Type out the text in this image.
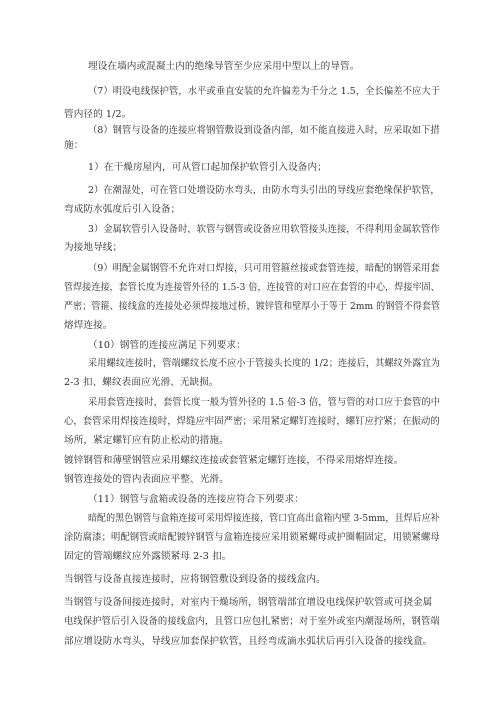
埋设在墙内或混凝土内的绝缘导管至少应采用中型以上的导管。
（7）明设电线保护管，水平或垂直安装的允许偏差为千分之 1.5，全长偏差不应大于
管内径的 1/2。
（8）钢管与设备的连接应将钢管敷设到设备内部，如不能直接进入时，应采取如下措
施：
1）在干燥房屋内，可从管口起加保护软管引入设备内；
2）在潮湿处，可在管口处增设防水弯头，由防水弯头引出的导线应套绝缘保护软管，
弯成防水弧度后引入设备；
3）金属软管引入设备时，软管与钢管或设备应用软管接头连接，不得利用金属软管作
为接地导线；
（9）明配金属钢管不允许对口焊接，只可用管箍丝接或套管连接，暗配的钢管采用套
管焊接连接，套管长度为连接管外径的 1.5-3 倍，连接管的对口应在套管的中心，焊接牢固、
严密；管箍、接线盒的连接处必须焊接地过桥，镀锌管和壁厚小于等于 2mm 的钢管不得套管
熔焊连接。
（10）钢管的连接应满足下列要求：
采用螺纹连接时，管端螺纹长度不应小于管接头长度的 1/2；连接后，其螺纹外露宜为
2-3 扣、螺纹表面应光滑、无缺损。
采用套管连接时，套管长度一般为管外径的 1.5 倍-3 倍，管与管的对口应于套管的中
心，套管采用焊接连接时，焊缝应牢固严密；采用紧定螺钉连接时，螺钉应拧紧；在振动的
场所，紧定螺钉应有防止松动的措施。
镀锌钢管和薄壁钢管应采用螺纹连接或套管紧定螺钉连接，不得采用熔焊连接。
钢管连接处的管内表面应平整、光滑。
（11）钢管与盒箱或设备的连接应符合下列要求：
暗配的黑色钢管与盒箱连接可采用焊接连接，管口宜高出盒箱内壁 3-5mm，且焊后应补
涂防腐漆；明配钢管或暗配镀锌钢管与盒箱连接应采用锁紧螺母或护圈帽固定，用锁紧螺母
固定的管端螺纹应外露锁紧母 2-3 扣。
当钢管与设备直接连接时，应将钢管敷设到设备的接线盒内。
当钢管与设备间接连接时，对室内干燥场所，钢管端部宜增设电线保护软管或可挠金属
电线保护管后引入设备的接线盒内，且管口应包扎紧密；对于室外或室内潮湿场所，钢管端
部应增设防水弯头，导线应加套保护软管，且经弯成滴水弧状后再引入设备的接线盒。
